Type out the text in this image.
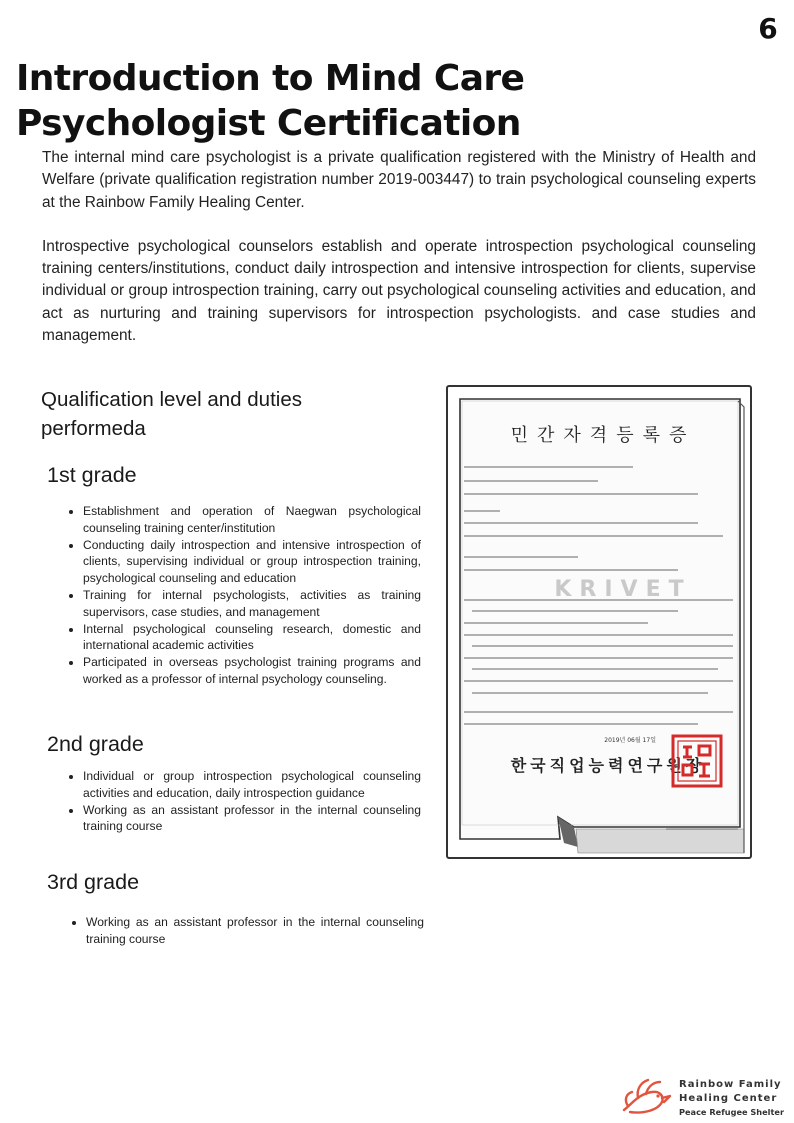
6
Introduction to Mind Care Psychologist Certification

The internal mind care psychologist is a private qualification registered with the Ministry of Health and Welfare (private qualification registration number 2019-003447) to train psychological counseling experts at the Rainbow Family Healing Center.

Introspective psychological counselors establish and operate introspection psychological counseling training centers/institutions, conduct daily introspection and intensive introspection for clients, supervise individual or group introspection training, carry out psychological counseling activities and education, and act as nurturing and training supervisors for introspection psychologists. and case studies and management.

Qualification level and duties performeda
1st grade
• Establishment and operation of Naegwan psychological counseling training center/institution
• Conducting daily introspection and intensive introspection of clients, supervising individual or group introspection training, psychological counseling and education
• Training for internal psychologists, activities as training supervisors, case studies, and management
• Internal psychological counseling research, domestic and international academic activities
• Participated in overseas psychologist training programs and worked as a professor of internal psychology counseling.
2nd grade
• Individual or group introspection psychological counseling activities and education, daily introspection guidance
• Working as an assistant professor in the internal counseling training course
3rd grade
• Working as an assistant professor in the internal counseling training course
민간자격등록증
KRIVET
2019년 06월 17일
한국직업능력연구원장
Rainbow Family
Healing Center
Peace Refugee Shelter
